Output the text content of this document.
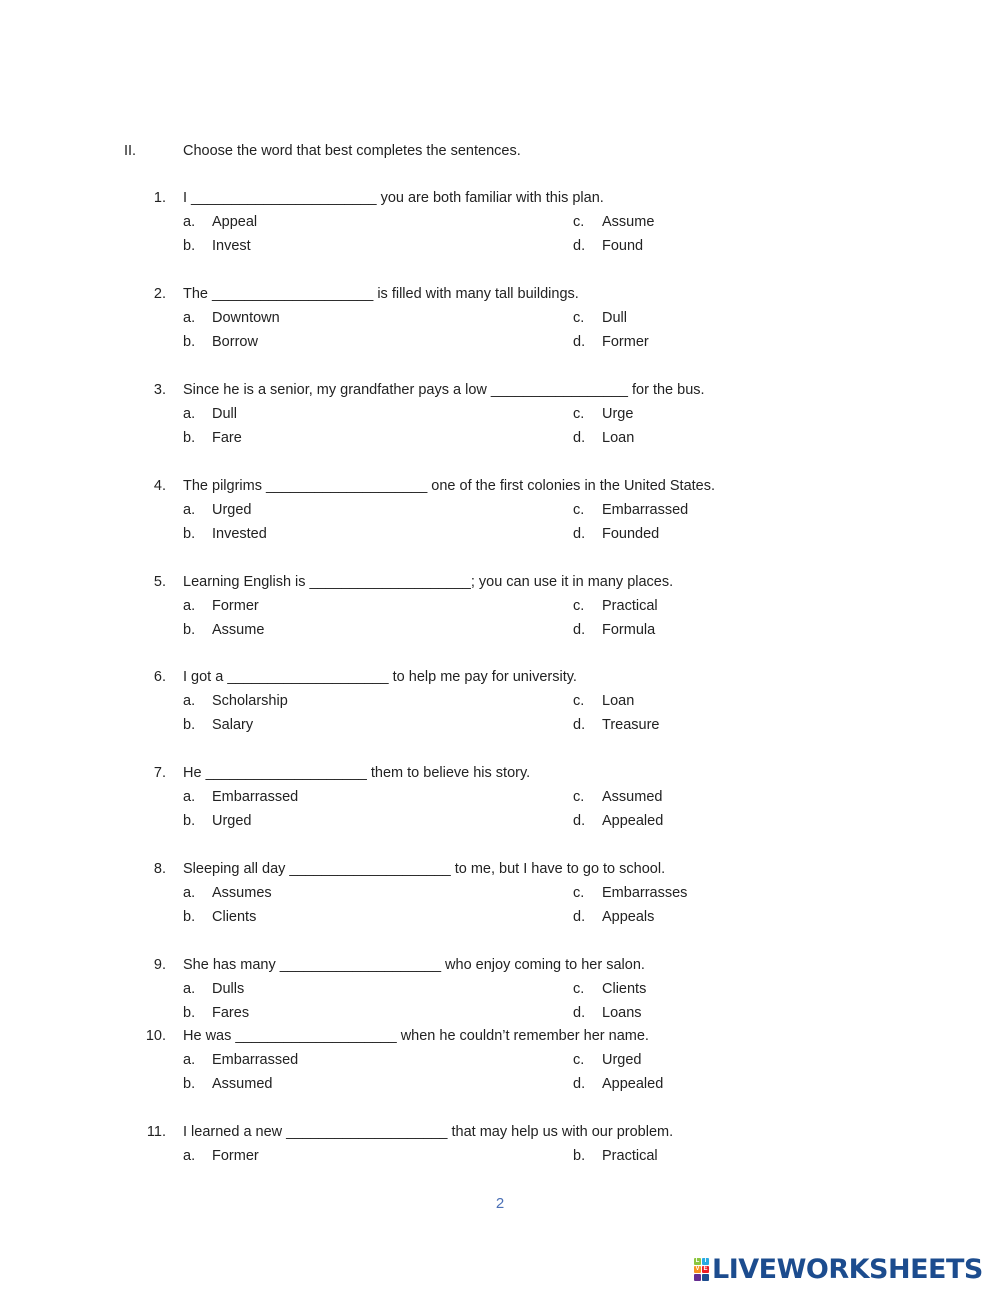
II.	Choose the word that best completes the sentences.
1. I _______________________ you are both familiar with this plan.
a. Appeal	c. Assume
b. Invest	d. Found
2. The ____________________ is filled with many tall buildings.
a. Downtown	c. Dull
b. Borrow	d. Former
3. Since he is a senior, my grandfather pays a low _________________ for the bus.
a. Dull	c. Urge
b. Fare	d. Loan
4. The pilgrims ____________________ one of the first colonies in the United States.
a. Urged	c. Embarrassed
b. Invested	d. Founded
5. Learning English is ____________________; you can use it in many places.
a. Former	c. Practical
b. Assume	d. Formula
6. I got a ____________________ to help me pay for university.
a. Scholarship	c. Loan
b. Salary	d. Treasure
7. He ____________________ them to believe his story.
a. Embarrassed	c. Assumed
b. Urged	d. Appealed
8. Sleeping all day ____________________ to me, but I have to go to school.
a. Assumes	c. Embarrasses
b. Clients	d. Appeals
9. She has many ____________________ who enjoy coming to her salon.
a. Dulls	c. Clients
b. Fares	d. Loans
10. He was ____________________ when he couldn’t remember her name.
a. Embarrassed	c. Urged
b. Assumed	d. Appealed
11. I learned a new ____________________ that may help us with our problem.
a. Former	b. Practical
2
L I
V E LIVEWORKSHEETS
